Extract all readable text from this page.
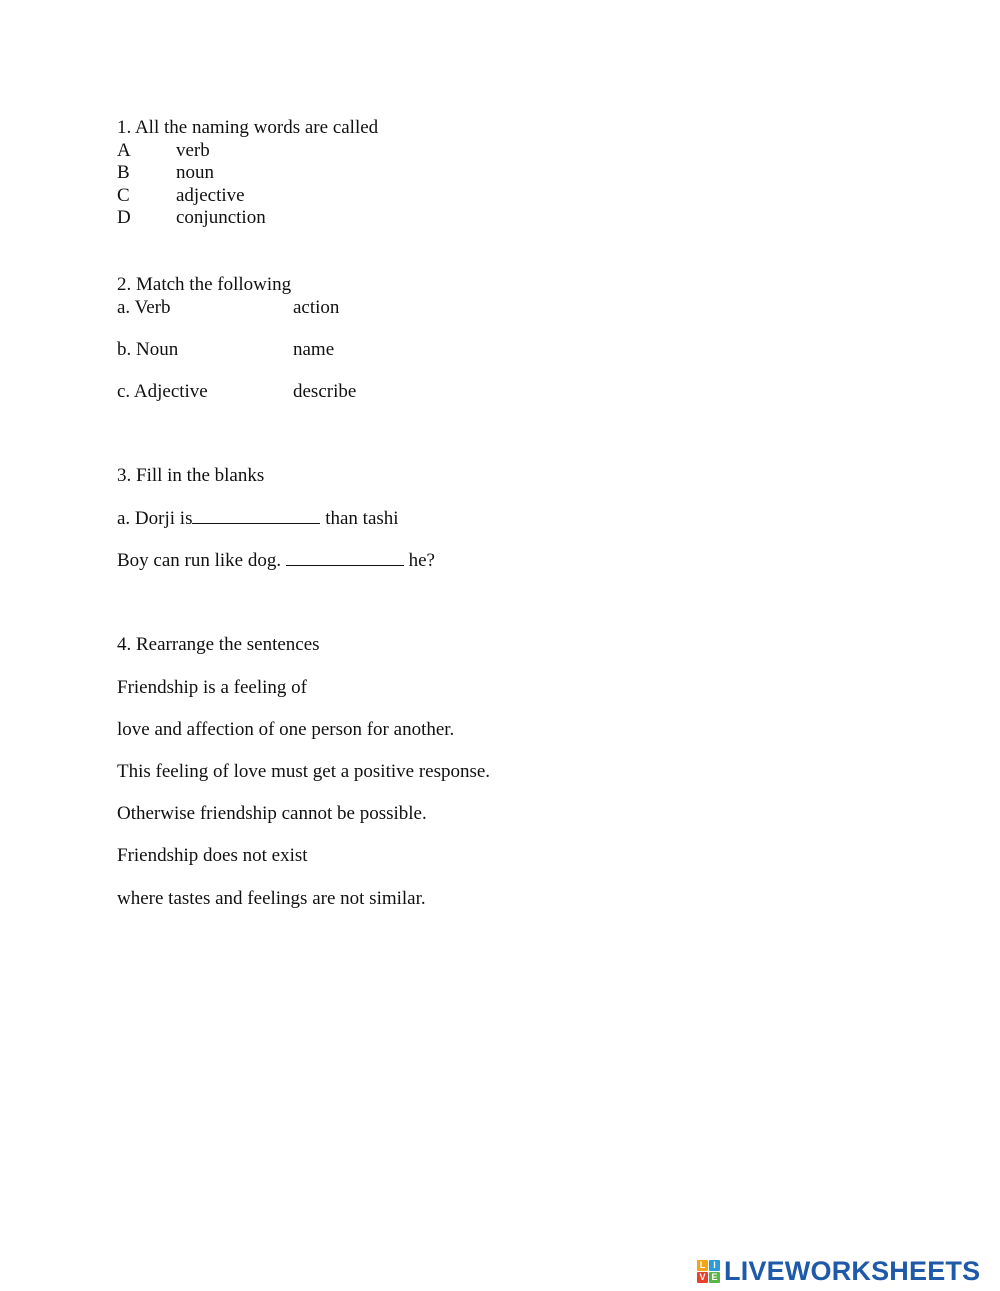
1. All the naming words are called
A verb
B noun
C adjective
D conjunction
2. Match the following
a. Verb	action
b. Noun	name
c. Adjective	describe
3. Fill in the blanks
a. Dorji is	than tashi
Boy can run like dog.	he?
4. Rearrange the sentences
Friendship is a feeling of
love and affection of one person for another.
This feeling of love must get a positive response.
Otherwise friendship cannot be possible.
Friendship does not exist
where tastes and feelings are not similar.
L I
V E LIVEWORKSHEETS
